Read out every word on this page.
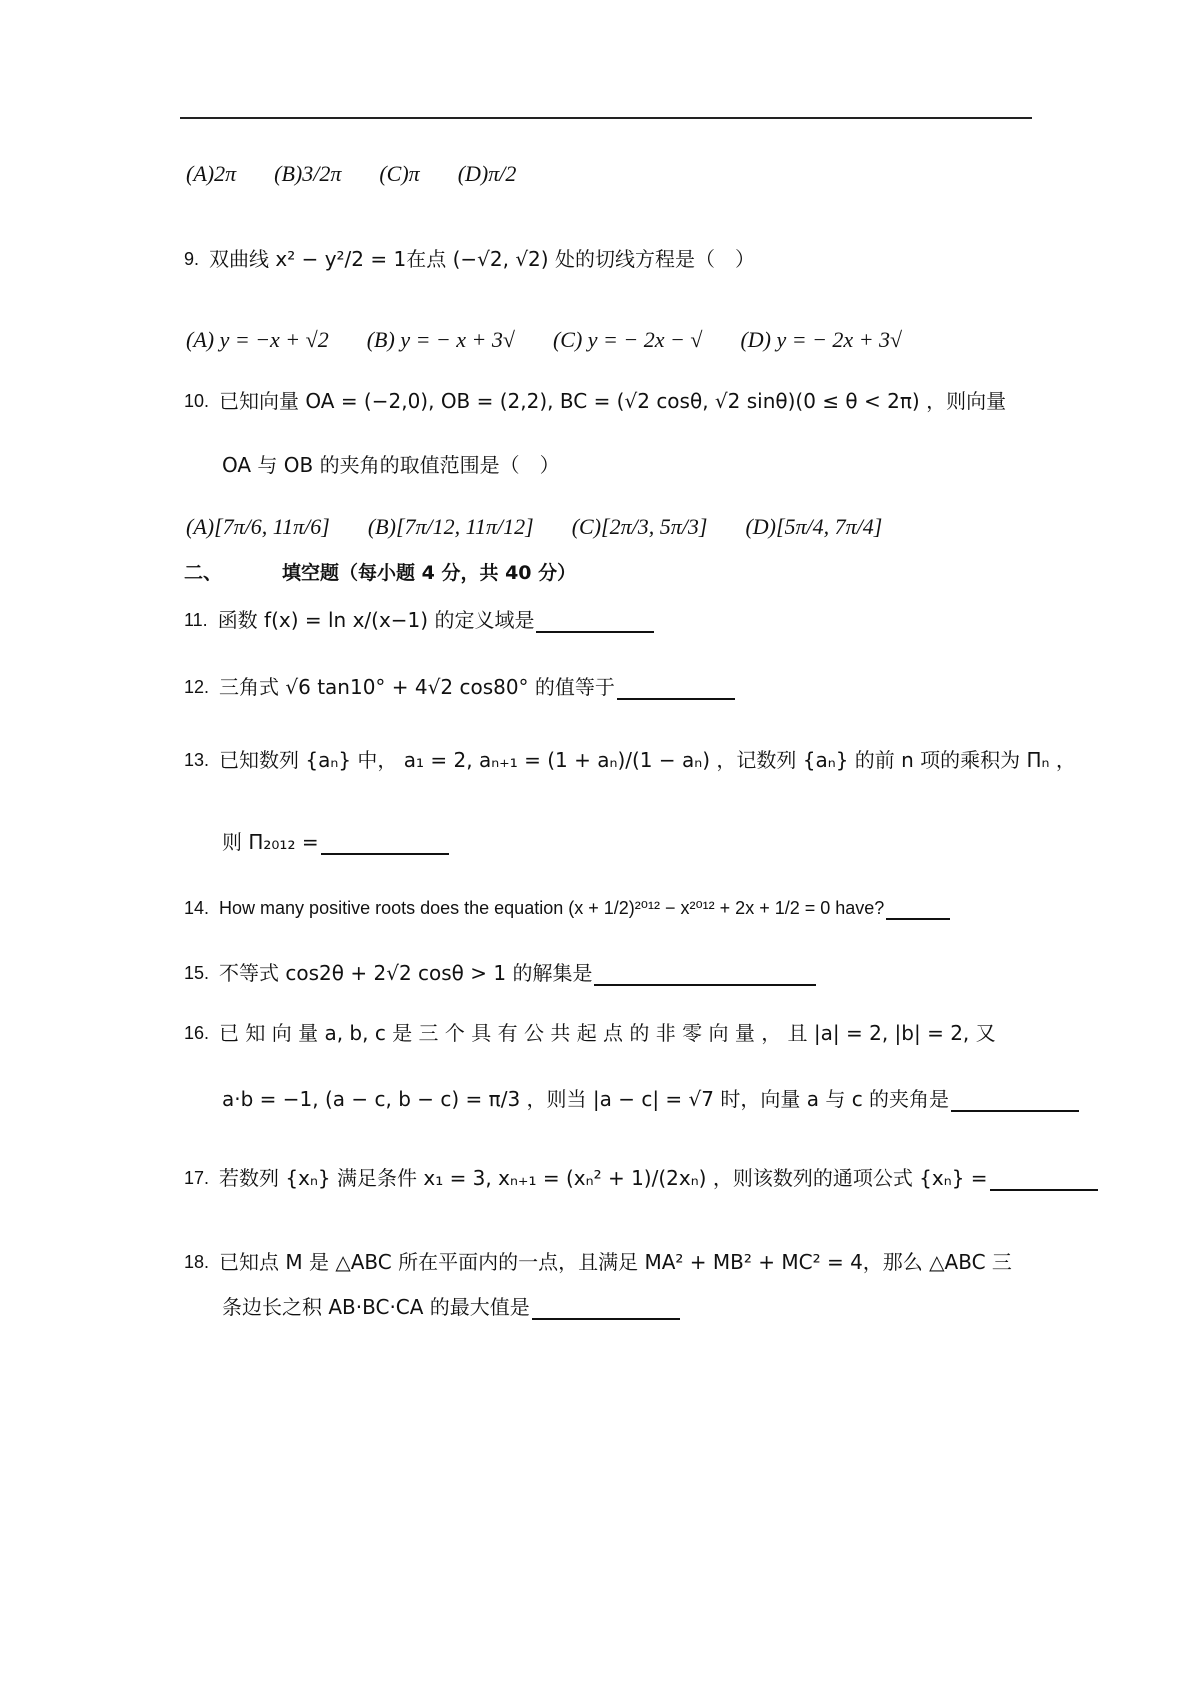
(A)2π (B)3/2π (C)π (D)π/2
9. 双曲线 x² − y²/2 = 1在点 (−√2, √2) 处的切线方程是（　）
(A) y = −x + √2 (B) y = − x + 3√ (C) y = − 2x − √ (D) y = − 2x + 3√
10. 已知向量 OA = (−2,0), OB = (2,2), BC = (√2 cosθ, √2 sinθ)(0 ≤ θ < 2π) ，则向量
OA 与 OB 的夹角的取值范围是（　）
(A)[7π/6, 11π/6] (B)[7π/12, 11π/12] (C)[2π/3, 5π/3] (D)[5π/4, 7π/4]
二、	填空题（每小题 4 分，共 40 分）
11. 函数 f(x) = ln x/(x−1) 的定义域是
12. 三角式 √6 tan10° + 4√2 cos80° 的值等于
13. 已知数列 {aₙ} 中， a₁ = 2, aₙ₊₁ = (1 + aₙ)/(1 − aₙ) ，记数列 {aₙ} 的前 n 项的乘积为 Πₙ ，
则 Π₂₀₁₂ =
14. How many positive roots does the equation (x + 1/2)²⁰¹² − x²⁰¹² + 2x + 1/2 = 0 have?
15. 不等式 cos2θ + 2√2 cosθ > 1 的解集是
16. 已 知 向 量 a, b, c 是 三 个 具 有 公 共 起 点 的 非 零 向 量 ， 且 |a| = 2, |b| = 2, 又
a·b = −1, (a − c, b − c) = π/3 ，则当 |a − c| = √7 时，向量 a 与 c 的夹角是
17. 若数列 {xₙ} 满足条件 x₁ = 3, xₙ₊₁ = (xₙ² + 1)/(2xₙ) ，则该数列的通项公式 {xₙ} =
18. 已知点 M 是 △ABC 所在平面内的一点，且满足 MA² + MB² + MC² = 4，那么 △ABC 三
条边长之积 AB·BC·CA 的最大值是
